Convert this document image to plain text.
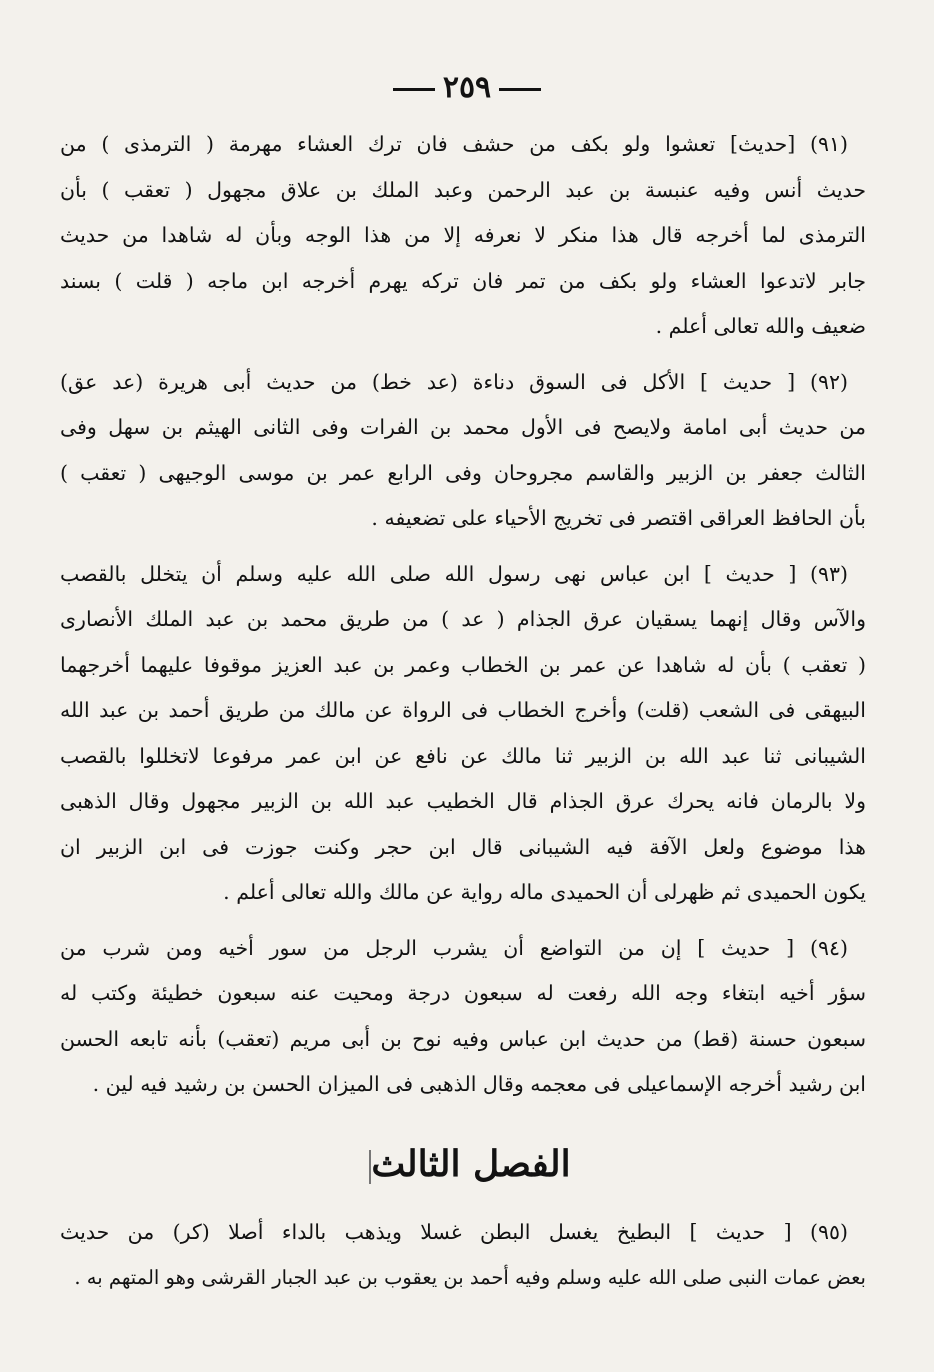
٢٥٩
(٩١) [حديث] تعشوا ولو بكف من حشف فان ترك العشاء مهرمة ( الترمذى ) من
حديث أنس وفيه عنبسة بن عبد الرحمن وعبد الملك بن علاق مجهول ( تعقب ) بأن
الترمذى لما أخرجه قال هذا منكر لا نعرفه إلا من هذا الوجه وبأن له شاهدا من حديث
جابر لاتدعوا العشاء ولو بكف من تمر فان تركه يهرم أخرجه ابن ماجه ( قلت ) بسند
ضعيف والله تعالى أعلم .
(٩٢) [ حديث ] الأكل فى السوق دناءة (عد خط) من حديث أبى هريرة (عد عق)
من حديث أبى امامة ولايصح فى الأول محمد بن الفرات وفى الثانى الهيثم بن سهل وفى
الثالث جعفر بن الزبير والقاسم مجروحان وفى الرابع عمر بن موسى الوجيهى ( تعقب )
بأن الحافظ العراقى اقتصر فى تخريج الأحياء على تضعيفه .
(٩٣) [ حديث ] ابن عباس نهى رسول الله صلى الله عليه وسلم أن يتخلل بالقصب
والآس وقال إنهما يسقيان عرق الجذام ( عد ) من طريق محمد بن عبد الملك الأنصارى
( تعقب ) بأن له شاهدا عن عمر بن الخطاب وعمر بن عبد العزيز موقوفا عليهما أخرجهما
البيهقى فى الشعب (قلت) وأخرج الخطاب فى الرواة عن مالك من طريق أحمد بن عبد الله
الشيبانى ثنا عبد الله بن الزبير ثنا مالك عن نافع عن ابن عمر مرفوعا لاتخللوا بالقصب
ولا بالرمان فانه يحرك عرق الجذام قال الخطيب عبد الله بن الزبير مجهول وقال الذهبى
هذا موضوع ولعل الآفة فيه الشيبانى قال ابن حجر وكنت جوزت فى ابن الزبير ان
يكون الحميدى ثم ظهرلى أن الحميدى ماله رواية عن مالك والله تعالى أعلم .
(٩٤) [ حديث ] إن من التواضع أن يشرب الرجل من سور أخيه ومن شرب من
سؤر أخيه ابتغاء وجه الله رفعت له سبعون درجة ومحيت عنه سبعون خطيئة وكتب له
سبعون حسنة (قط) من حديث ابن عباس وفيه نوح بن أبى مريم (تعقب) بأنه تابعه الحسن
ابن رشيد أخرجه الإسماعيلى فى معجمه وقال الذهبى فى الميزان الحسن بن رشيد فيه لين .
الفصل الثالث
(٩٥) [ حديث ] البطيخ يغسل البطن غسلا ويذهب بالداء أصلا (كر) من حديث
بعض عمات النبى صلى الله عليه وسلم وفيه أحمد بن يعقوب بن عبد الجبار القرشى وهو المتهم به .
